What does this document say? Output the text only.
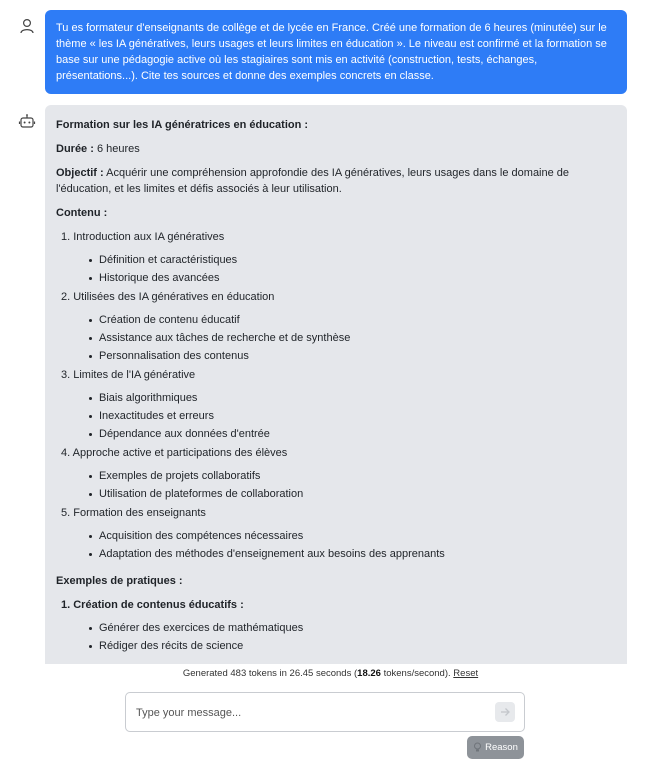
Tu es formateur d'enseignants de collège et de lycée en France. Créé une formation de 6 heures (minutée) sur le thème « les IA génératives, leurs usages et leurs limites en éducation ». Le niveau est confirmé et la formation se base sur une pédagogie active où les stagiaires sont mis en activité (construction, tests, échanges, présentations...). Cite tes sources et donne des exemples concrets en classe.

Formation sur les IA génératrices en éducation :

Durée : 6 heures

Objectif : Acquérir une compréhension approfondie des IA génératives, leurs usages dans le domaine de l'éducation, et les limites et défis associés à leur utilisation.

Contenu :

1. Introduction aux IA génératives
Définition et caractéristiques
Historique des avancées
2. Utilisées des IA génératives en éducation
Création de contenu éducatif
Assistance aux tâches de recherche et de synthèse
Personnalisation des contenus
3. Limites de l'IA générative
Biais algorithmiques
Inexactitudes et erreurs
Dépendance aux données d'entrée
4. Approche active et participations des élèves
Exemples de projets collaboratifs
Utilisation de plateformes de collaboration
5. Formation des enseignants
Acquisition des compétences nécessaires
Adaptation des méthodes d'enseignement aux besoins des apprenants

Exemples de pratiques :

1. Création de contenus éducatifs :
Générer des exercices de mathématiques
Rédiger des récits de science
Generated 483 tokens in 26.45 seconds (18.26 tokens/second). Reset
Type your message...
Reason
